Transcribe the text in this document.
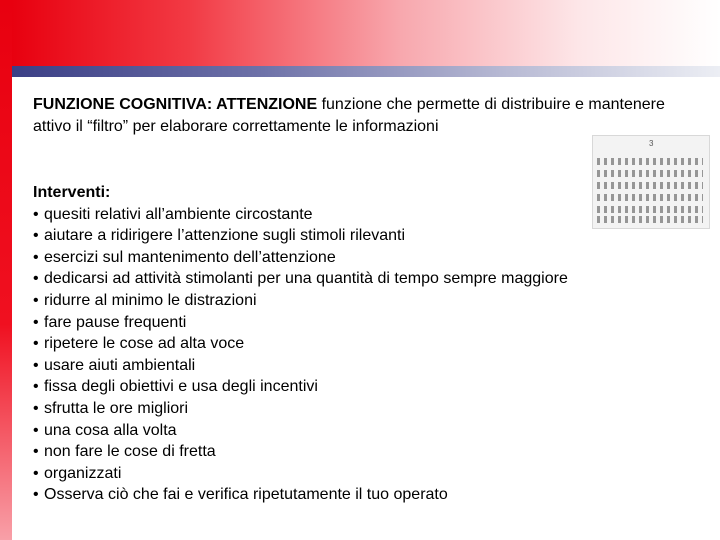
FUNZIONE COGNITIVA: ATTENZIONE funzione che permette di distribuire e mantenere attivo il “filtro” per elaborare correttamente le informazioni
3
Interventi:
• quesiti relativi all’ambiente circostante
• aiutare a ridirigere l’attenzione sugli stimoli rilevanti
• esercizi sul mantenimento dell’attenzione
• dedicarsi ad attività stimolanti per una quantità di tempo sempre maggiore
• ridurre al minimo le distrazioni
• fare pause frequenti
• ripetere le cose ad alta voce
• usare aiuti ambientali
• fissa degli obiettivi e usa degli incentivi
• sfrutta le ore migliori
• una cosa alla volta
• non fare le cose di fretta
• organizzati
• Osserva ciò che fai e verifica ripetutamente il tuo operato
